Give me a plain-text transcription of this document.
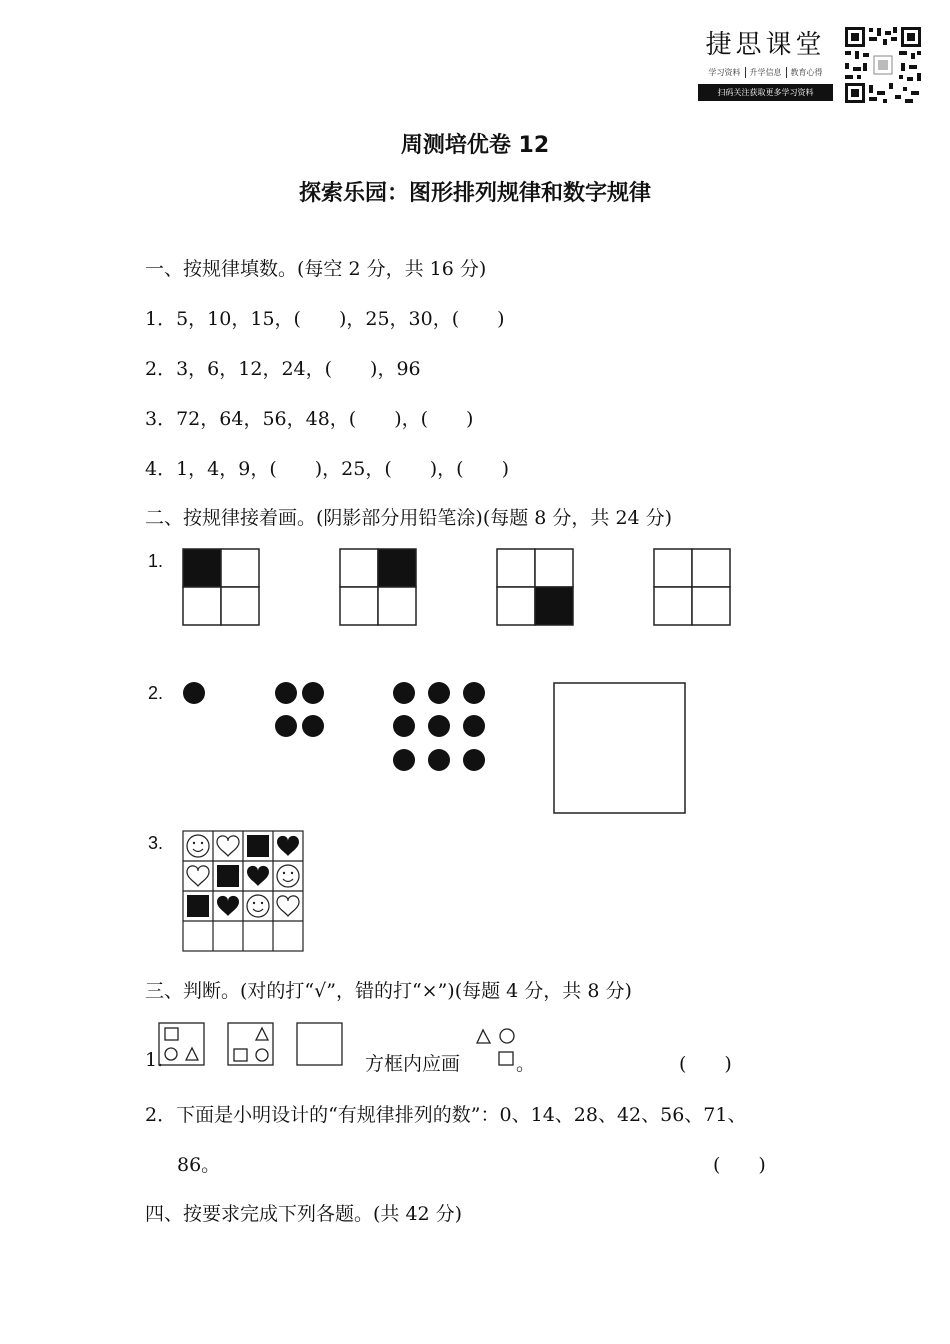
捷思课堂
学习资料	升学信息	教育心得
扫码关注获取更多学习资料
周测培优卷 12
探索乐园：图形排列规律和数字规律
一、按规律填数。(每空 2 分，共 16 分)
1．5，10，15，(　　)，25，30，(　　)
2．3，6，12，24，(　　)，96
3．72，64，56，48，(　　)，(　　)
4．1，4，9，(　　)，25，(　　)，(　　)
二、按规律接着画。(阴影部分用铅笔涂)(每题 8 分，共 24 分)
1.
2.
3.
三、判断。(对的打“√”，错的打“×”)(每题 4 分，共 8 分)
1.	方框内应画	。	(　　)
2．下面是小明设计的“有规律排列的数”：0、14、28、42、56、71、
86。	(　　)
四、按要求完成下列各题。(共 42 分)
